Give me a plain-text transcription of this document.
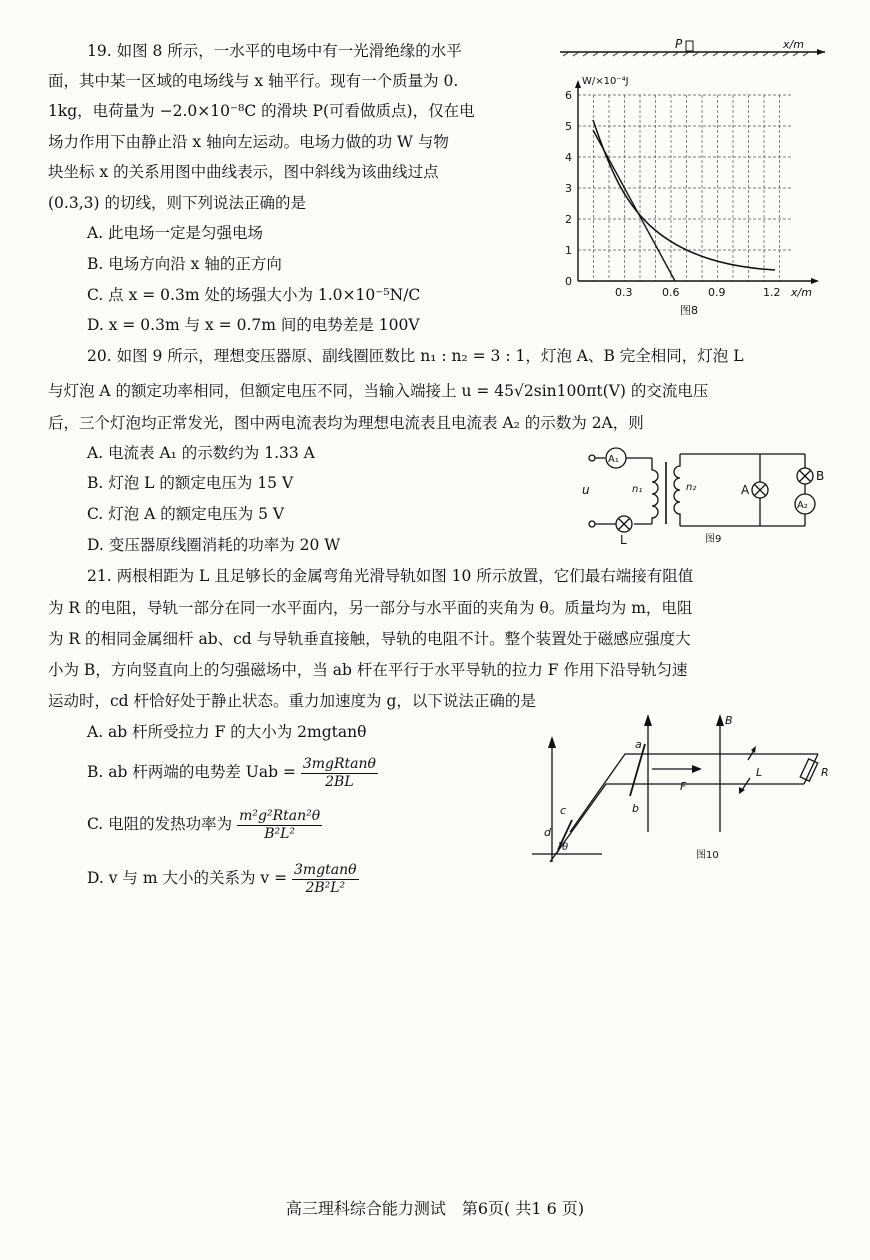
19. 如图 8 所示，一水平的电场中有一光滑绝缘的水平
面，其中某一区域的电场线与 x 轴平行。现有一个质量为 0.
1kg，电荷量为 −2.0×10⁻⁸C 的滑块 P(可看做质点)，仅在电
场力作用下由静止沿 x 轴向左运动。电场力做的功 W 与物
块坐标 x 的关系用图中曲线表示，图中斜线为该曲线过点
(0.3,3) 的切线，则下列说法正确的是
A. 此电场一定是匀强电场
B. 电场方向沿 x 轴的正方向
C. 点 x = 0.3m 处的场强大小为 1.0×10⁻⁵N/C
D. x = 0.3m 与 x = 0.7m 间的电势差是 100V
P	x/m
W/×10⁻⁴J
0
1
2
3
4
5
6
0.3	0.6	0.9	1.2 x/m
图8
20. 如图 9 所示，理想变压器原、副线圈匝数比 n₁ : n₂ = 3 : 1，灯泡 A、B 完全相同，灯泡 L
与灯泡 A 的额定功率相同，但额定电压不同，当输入端接上 u = 45√2sin100πt(V) 的交流电压
后，三个灯泡均正常发光，图中两电流表均为理想电流表且电流表 A₂ 的示数为 2A，则
A. 电流表 A₁ 的示数约为 1.33 A
B. 灯泡 L 的额定电压为 15 V
C. 灯泡 A 的额定电压为 5 V
D. 变压器原线圈消耗的功率为 20 W
A₁
A₂
u	n₁	n₂
L
A
B
图9
21. 两根相距为 L 且足够长的金属弯角光滑导轨如图 10 所示放置，它们最右端接有阻值
为 R 的电阻，导轨一部分在同一水平面内，另一部分与水平面的夹角为 θ。质量均为 m，电阻
为 R 的相同金属细杆 ab、cd 与导轨垂直接触，导轨的电阻不计。整个装置处于磁感应强度大
小为 B，方向竖直向上的匀强磁场中，当 ab 杆在平行于水平导轨的拉力 F 作用下沿导轨匀速
运动时，cd 杆恰好处于静止状态。重力加速度为 g，以下说法正确的是
A. ab 杆所受拉力 F 的大小为 2mgtanθ
B. ab 杆两端的电势差 Uab = $\frac{\text{3mgRtanθ}}{2BL}$
C. 电阻的发热功率为 $\frac{\text{m²g²Rtan²θ}}{\text{B²L²}}$
D. v 与 m 大小的关系为 $v = \frac{3mgtan\theta}{\text{2B²L²}}$
B
a
b
c
d
F
L	R
θ
图10
高三理科综合能力测试　第6页( 共1 6 页)
